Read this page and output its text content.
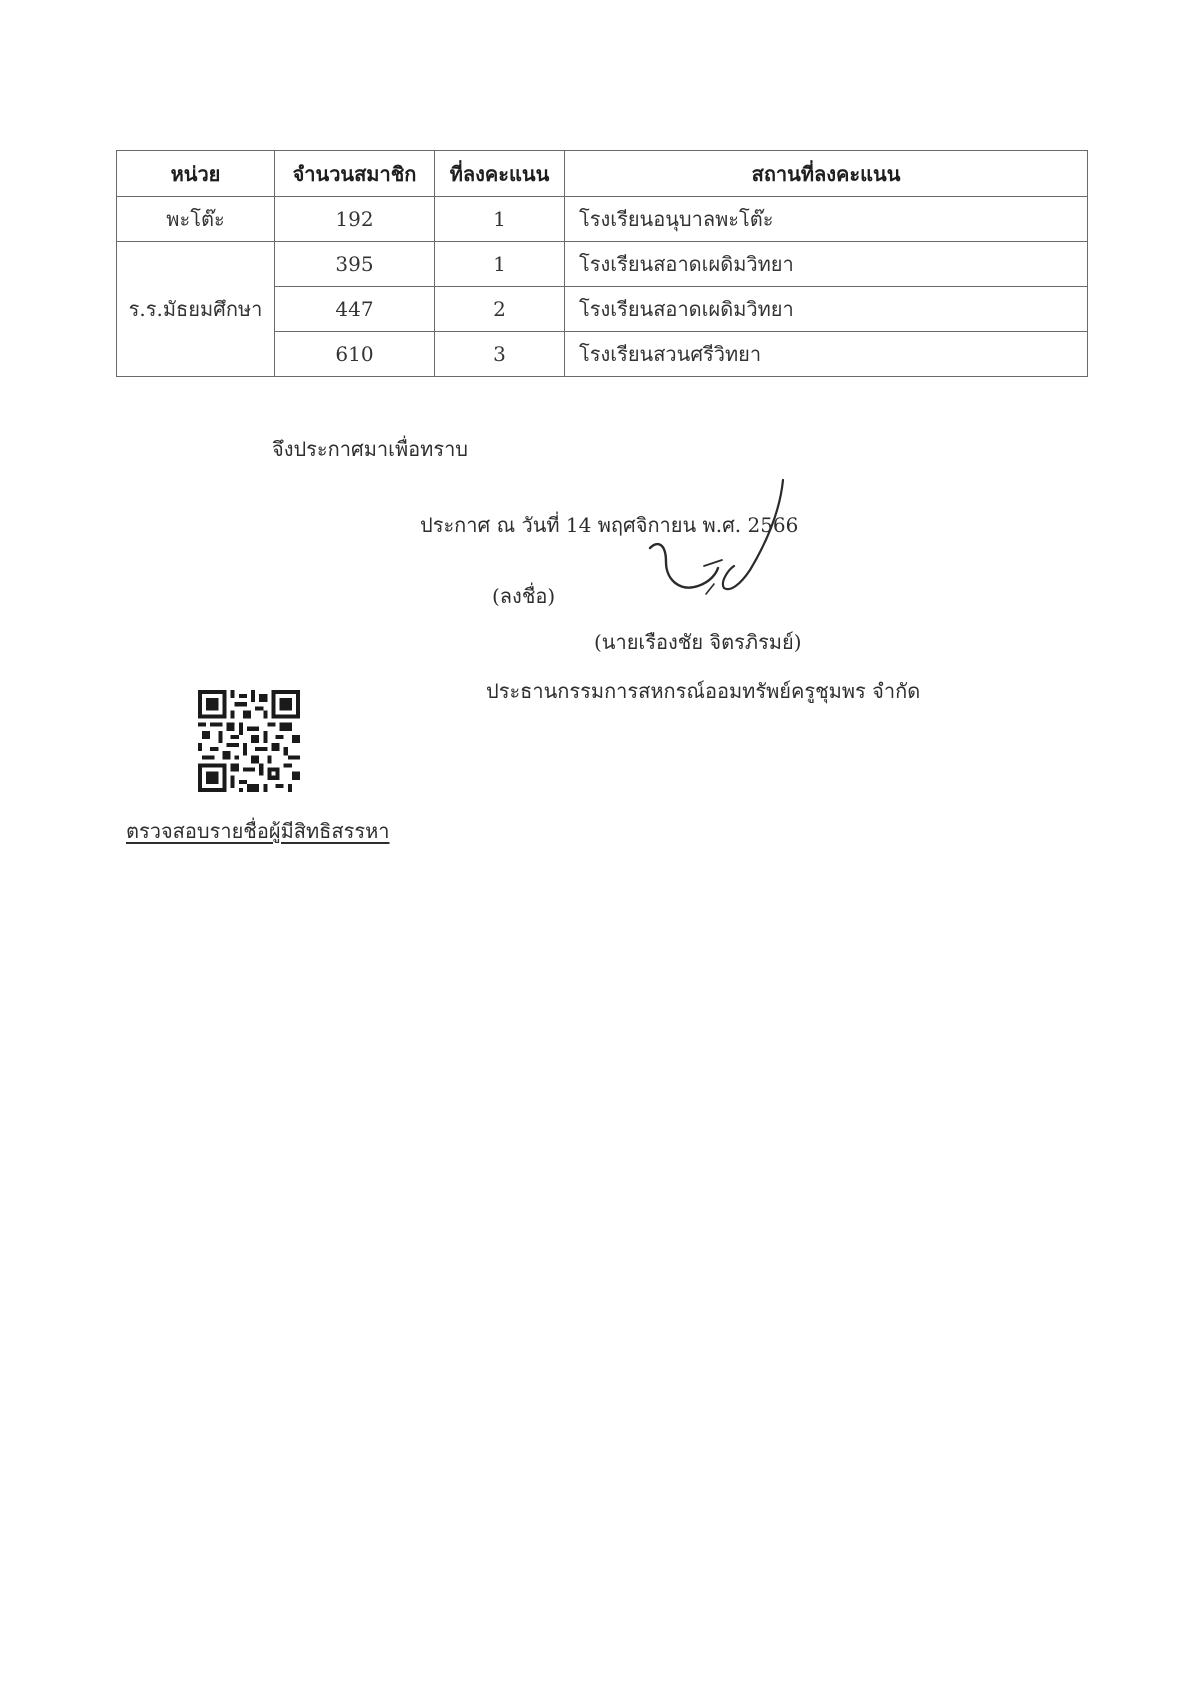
หน่วย	จำนวนสมาชิก	ที่ลงคะแนน	สถานที่ลงคะแนน
พะโต๊ะ	192	1	โรงเรียนอนุบาลพะโต๊ะ
ร.ร.มัธยมศึกษา	395	1	โรงเรียนสอาดเผดิมวิทยา
	447	2	โรงเรียนสอาดเผดิมวิทยา
	610	3	โรงเรียนสวนศรีวิทยา
จึงประกาศมาเพื่อทราบ
ประกาศ ณ วันที่ 14 พฤศจิกายน พ.ศ. 2566
(ลงชื่อ)
(นายเรืองชัย จิตรภิรมย์)
ประธานกรรมการสหกรณ์ออมทรัพย์ครูชุมพร จำกัด
ตรวจสอบรายชื่อผู้มีสิทธิสรรหา
